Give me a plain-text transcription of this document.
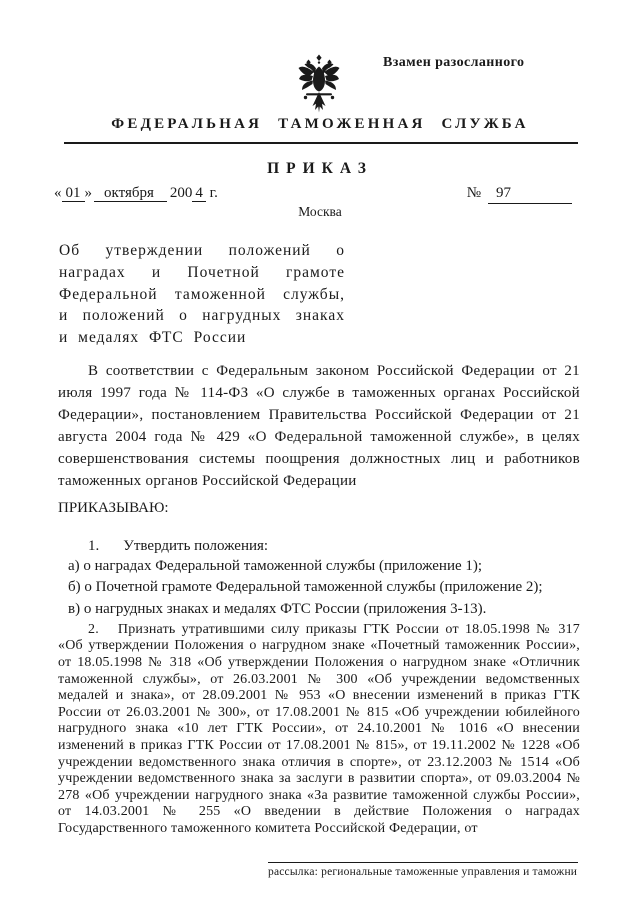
Взамен разосланного
ФЕДЕРАЛЬНАЯ ТАМОЖЕННАЯ СЛУЖБА
ПРИКАЗ
« 01 » октября 200 4 г.	№ 97
Москва

Об утверждении положений о наградах и Почетной грамоте Федеральной таможенной службы, и положений о нагрудных знаках и медалях ФТС России

В соответствии с Федеральным законом Российской Федерации от 21 июля 1997 года № 114-ФЗ «О службе в таможенных органах Российской Федерации», постановлением Правительства Российской Федерации от 21 августа 2004 года № 429 «О Федеральной таможенной службе», в целях совершенствования системы поощрения должностных лиц и работников таможенных органов Российской Федерации

ПРИКАЗЫВАЮ:

1. Утвердить положения:

а) о наградах Федеральной таможенной службы (приложение 1);

б) о Почетной грамоте Федеральной таможенной службы (приложение 2);

в) о нагрудных знаках и медалях ФТС России (приложения 3-13).

2. Признать утратившими силу приказы ГТК России от 18.05.1998 № 317 «Об утверждении Положения о нагрудном знаке «Почетный таможенник России», от 18.05.1998 № 318 «Об утверждении Положения о нагрудном знаке «Отличник таможенной службы», от 26.03.2001 № 300 «Об учреждении ведомственных медалей и знака», от 28.09.2001 № 953 «О внесении изменений в приказ ГТК России от 26.03.2001 № 300», от 17.08.2001 № 815 «Об учреждении юбилейного нагрудного знака «10 лет ГТК России», от 24.10.2001 № 1016 «О внесении изменений в приказ ГТК России от 17.08.2001 № 815», от 19.11.2002 № 1228 «Об учреждении ведомственного знака отличия в спорте», от 23.12.2003 № 1514 «Об учреждении ведомственного знака за заслуги в развитии спорта», от 09.03.2004 № 278 «Об учреждении нагрудного знака «За развитие таможенной службы России», от 14.03.2001 № 255 «О введении в действие Положения о наградах Государственного таможенного комитета Российской Федерации, от

рассылка: региональные таможенные управления и таможни
